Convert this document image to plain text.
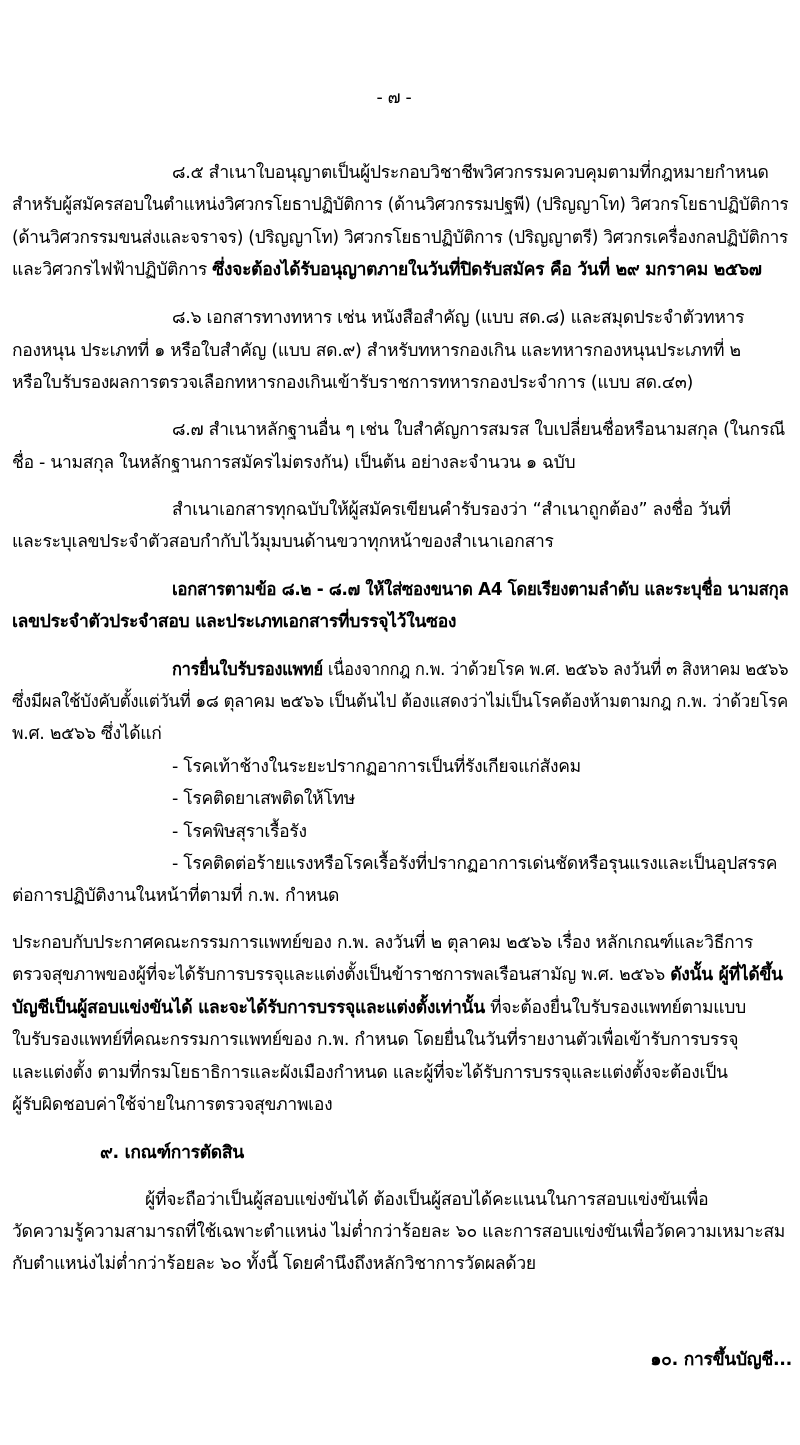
- ๗ -
๘.๕ สำเนาใบอนุญาตเป็นผู้ประกอบวิชาชีพวิศวกรรมควบคุมตามที่กฎหมายกำหนด
สำหรับผู้สมัครสอบในตำแหน่งวิศวกรโยธาปฏิบัติการ (ด้านวิศวกรรมปฐพี) (ปริญญาโท) วิศวกรโยธาปฏิบัติการ
(ด้านวิศวกรรมขนส่งและจราจร) (ปริญญาโท) วิศวกรโยธาปฏิบัติการ (ปริญญาตรี) วิศวกรเครื่องกลปฏิบัติการ
และวิศวกรไฟฟ้าปฏิบัติการ ซึ่งจะต้องได้รับอนุญาตภายในวันที่ปิดรับสมัคร คือ วันที่ ๒๙ มกราคม ๒๕๖๗
๘.๖ เอกสารทางทหาร เช่น หนังสือสำคัญ (แบบ สด.๘) และสมุดประจำตัวทหาร
กองหนุน ประเภทที่ ๑ หรือใบสำคัญ (แบบ สด.๙) สำหรับทหารกองเกิน และทหารกองหนุนประเภทที่ ๒
หรือใบรับรองผลการตรวจเลือกทหารกองเกินเข้ารับราชการทหารกองประจำการ (แบบ สด.๔๓)
๘.๗ สำเนาหลักฐานอื่น ๆ เช่น ใบสำคัญการสมรส ใบเปลี่ยนชื่อหรือนามสกุล (ในกรณี
ชื่อ - นามสกุล ในหลักฐานการสมัครไม่ตรงกัน) เป็นต้น อย่างละจำนวน ๑ ฉบับ
สำเนาเอกสารทุกฉบับให้ผู้สมัครเขียนคำรับรองว่า “สำเนาถูกต้อง” ลงชื่อ วันที่
และระบุเลขประจำตัวสอบกำกับไว้มุมบนด้านขวาทุกหน้าของสำเนาเอกสาร
เอกสารตามข้อ ๘.๒ - ๘.๗ ให้ใส่ซองขนาด A4 โดยเรียงตามลำดับ และระบุชื่อ นามสกุล
เลขประจำตัวประจำสอบ และประเภทเอกสารที่บรรจุไว้ในซอง
การยื่นใบรับรองแพทย์ เนื่องจากกฎ ก.พ. ว่าด้วยโรค พ.ศ. ๒๕๖๖ ลงวันที่ ๓ สิงหาคม ๒๕๖๖
ซึ่งมีผลใช้บังคับตั้งแต่วันที่ ๑๘ ตุลาคม ๒๕๖๖ เป็นต้นไป ต้องแสดงว่าไม่เป็นโรคต้องห้ามตามกฎ ก.พ. ว่าด้วยโรค
พ.ศ. ๒๕๖๖ ซึ่งได้แก่
- โรคเท้าช้างในระยะปรากฏอาการเป็นที่รังเกียจแก่สังคม
- โรคติดยาเสพติดให้โทษ
- โรคพิษสุราเรื้อรัง
- โรคติดต่อร้ายแรงหรือโรคเรื้อรังที่ปรากฏอาการเด่นชัดหรือรุนแรงและเป็นอุปสรรค
ต่อการปฏิบัติงานในหน้าที่ตามที่ ก.พ. กำหนด
ประกอบกับประกาศคณะกรรมการแพทย์ของ ก.พ. ลงวันที่ ๒ ตุลาคม ๒๕๖๖ เรื่อง หลักเกณฑ์และวิธีการ
ตรวจสุขภาพของผู้ที่จะได้รับการบรรจุและแต่งตั้งเป็นข้าราชการพลเรือนสามัญ พ.ศ. ๒๕๖๖ ดังนั้น ผู้ที่ได้ขึ้น
บัญชีเป็นผู้สอบแข่งขันได้ และจะได้รับการบรรจุและแต่งตั้งเท่านั้น ที่จะต้องยื่นใบรับรองแพทย์ตามแบบ
ใบรับรองแพทย์ที่คณะกรรมการแพทย์ของ ก.พ. กำหนด โดยยื่นในวันที่รายงานตัวเพื่อเข้ารับการบรรจุ
และแต่งตั้ง ตามที่กรมโยธาธิการและผังเมืองกำหนด และผู้ที่จะได้รับการบรรจุและแต่งตั้งจะต้องเป็น
ผู้รับผิดชอบค่าใช้จ่ายในการตรวจสุขภาพเอง
๙. เกณฑ์การตัดสิน
ผู้ที่จะถือว่าเป็นผู้สอบแข่งขันได้ ต้องเป็นผู้สอบได้คะแนนในการสอบแข่งขันเพื่อ
วัดความรู้ความสามารถที่ใช้เฉพาะตำแหน่ง ไม่ต่ำกว่าร้อยละ ๖๐ และการสอบแข่งขันเพื่อวัดความเหมาะสม
กับตำแหน่งไม่ต่ำกว่าร้อยละ ๖๐ ทั้งนี้ โดยคำนึงถึงหลักวิชาการวัดผลด้วย
๑๐. การขึ้นบัญชี...
